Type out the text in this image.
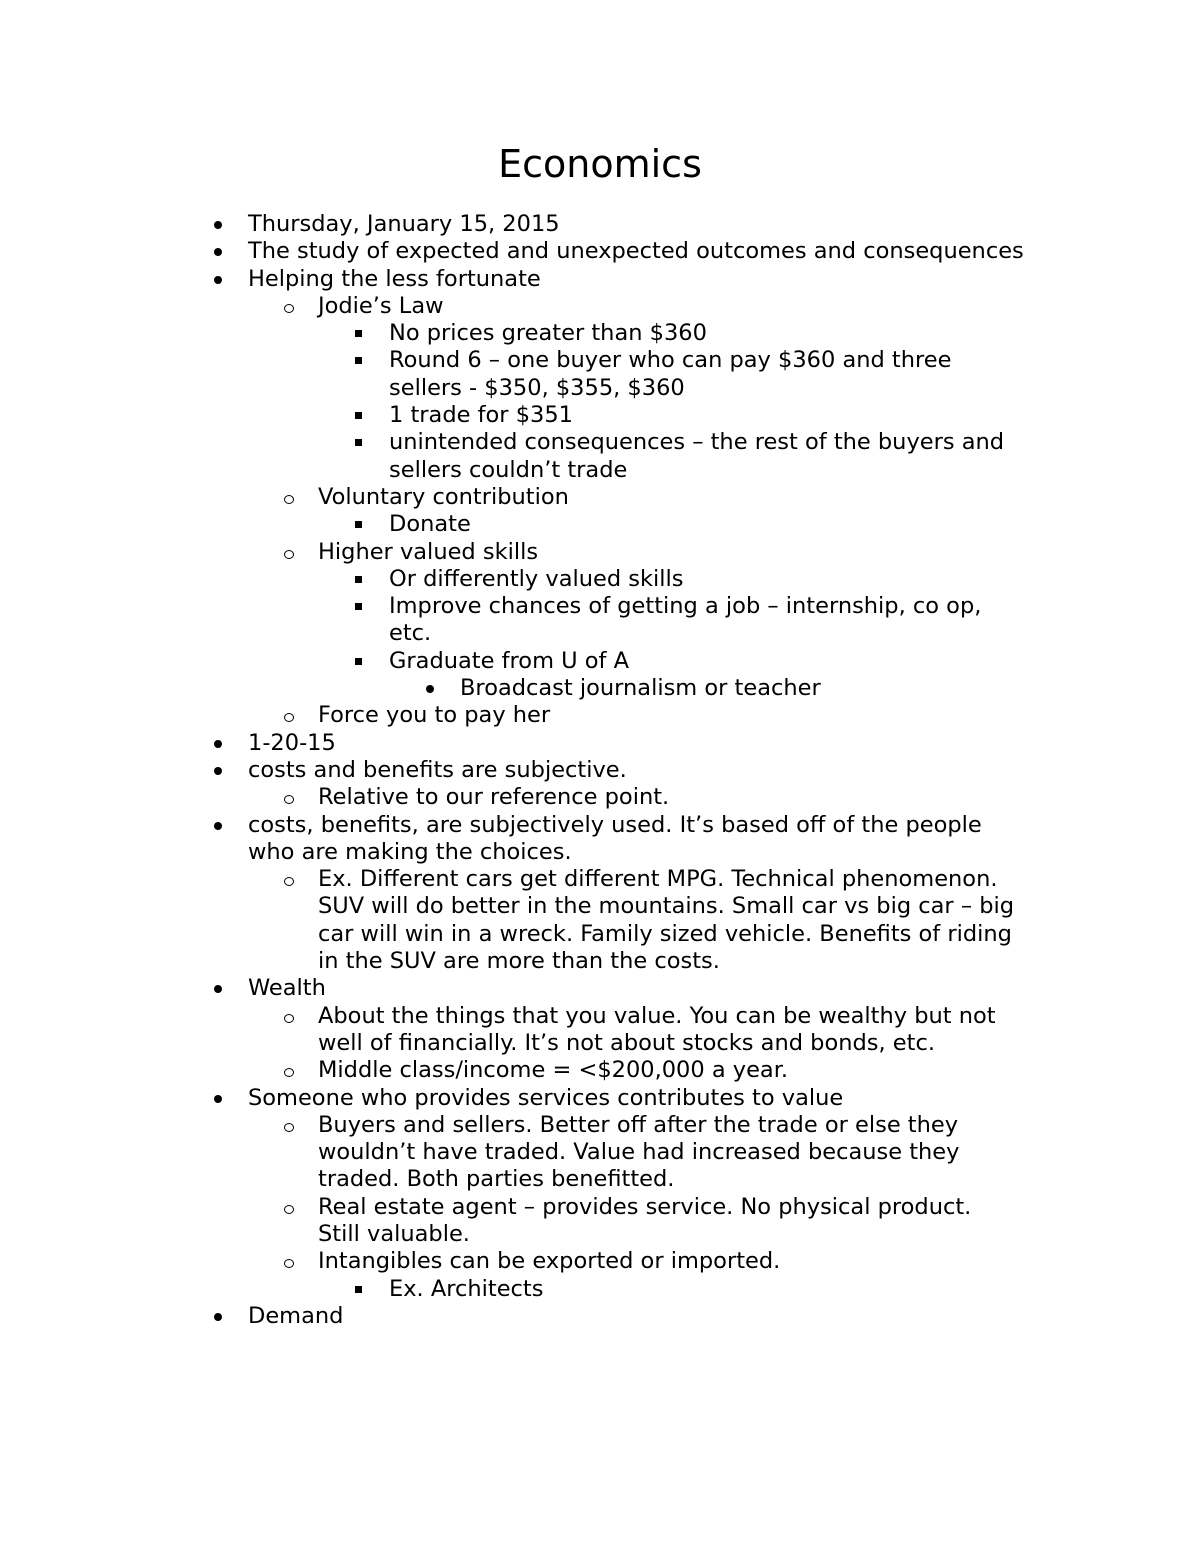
Economics
Thursday, January 15, 2015
The study of expected and unexpected outcomes and consequences
Helping the less fortunate
Jodie’s Law
No prices greater than $360
Round 6 – one buyer who can pay $360 and three sellers - $350, $355, $360
1 trade for $351
unintended consequences – the rest of the buyers and sellers couldn’t trade
Voluntary contribution
Donate
Higher valued skills
Or differently valued skills
Improve chances of getting a job – internship, co op, etc.
Graduate from U of A
Broadcast journalism or teacher
Force you to pay her
1-20-15
costs and benefits are subjective.
Relative to our reference point.
costs, benefits, are subjectively used. It’s based off of the people who are making the choices.
Ex. Different cars get different MPG. Technical phenomenon. SUV will do better in the mountains. Small car vs big car – big car will win in a wreck. Family sized vehicle. Benefits of riding in the SUV are more than the costs.
Wealth
About the things that you value. You can be wealthy but not well of financially. It’s not about stocks and bonds, etc.
Middle class/income = <$200,000 a year.
Someone who provides services contributes to value
Buyers and sellers. Better off after the trade or else they wouldn’t have traded. Value had increased because they traded. Both parties benefitted.
Real estate agent – provides service. No physical product. Still valuable.
Intangibles can be exported or imported.
Ex. Architects
Demand
